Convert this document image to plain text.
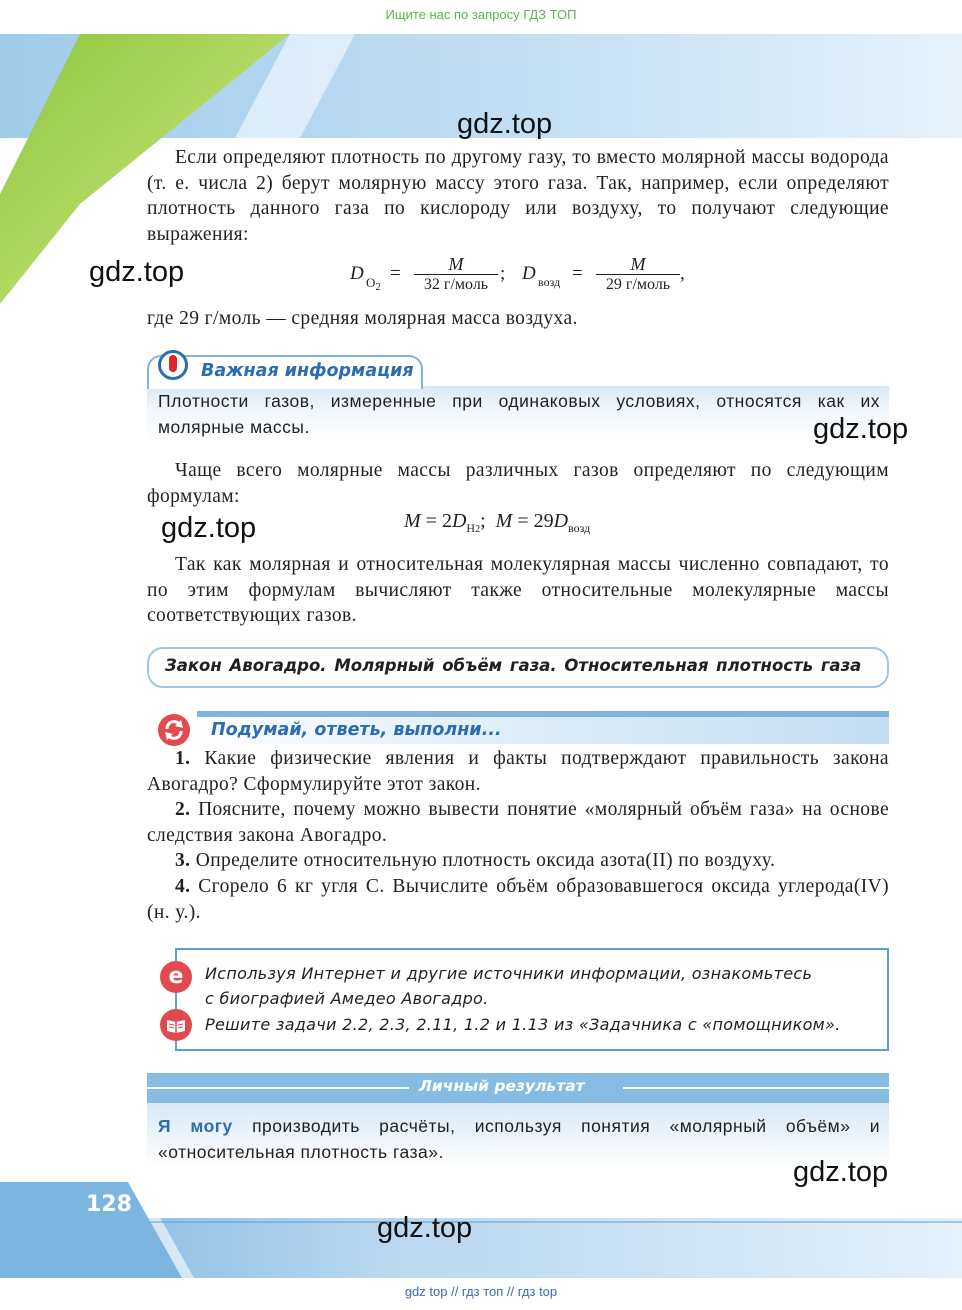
Ищите нас по запросу ГДЗ ТОП
gdz.top
gdz.top
gdz.top
gdz.top
gdz.top
gdz.top
Если определяют плотность по другому газу, то вместо молярной массы водорода (т. е. числа 2) берут молярную массу этого газа. Так, например, если определяют плотность данного газа по кислороду или воздуху, то получают следующие выражения:
D $O_2$
=	M
32 г/моль
; D возд =	M
29 г/моль
,
где 29 г/моль — средняя молярная масса воздуха.
Важная информация
Плотности газов, измеренные при одинаковых условиях, относятся как их молярные массы.
Чаще всего молярные массы различных газов определяют по следующим формулам:
$M = 2D_{H2}$; $M = 29D_{возд}$
Так как молярная и относительная молекулярная массы численно совпадают, то по этим формулам вычисляют также относительные молекулярные массы соответствующих газов.
Закон Авогадро. Молярный объём газа. Относительная плотность газа
Подумай, ответь, выполни...
1. Какие физические явления и факты подтверждают правильность закона Авогадро? Сформулируйте этот закон.
2. Поясните, почему можно вывести понятие «молярный объём газа» на основе следствия закона Авогадро.
3. Определите относительную плотность оксида азота(II) по воздуху.
4. Сгорело 6 кг угля С. Вычислите объём образовавшегося оксида углерода(IV) (н. у.).
e	Используя Интернет и другие источники информации, ознакомьтесь
с биографией Амедео Авогадро.
Решите задачи 2.2, 2.3, 2.11, 1.2 и 1.13 из «Задачника с «помощником».
Личный результат
Я могу производить расчёты, используя понятия «молярный объём» и «относительная плотность газа».
128
gdz top // гдз топ // гдз top
